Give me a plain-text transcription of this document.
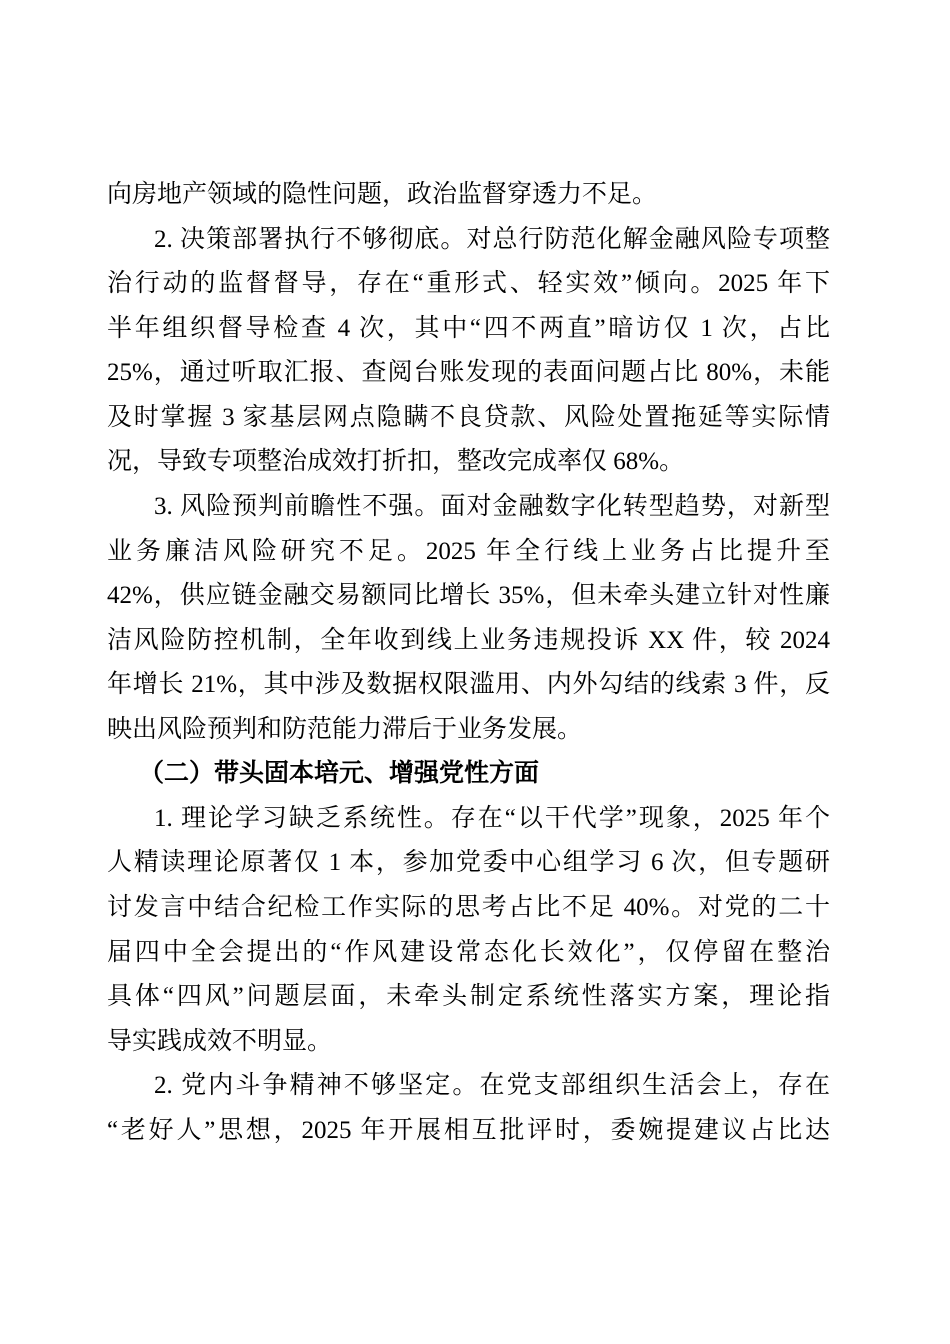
向房地产领域的隐性问题，政治监督穿透力不足。
2. 决策部署执行不够彻底。对总行防范化解金融风险专项整
治行动的监督督导，存在“重形式、轻实效”倾向。2025 年下
半年组织督导检查 4 次，其中“四不两直”暗访仅 1 次，占比
25%，通过听取汇报、查阅台账发现的表面问题占比 80%，未能
及时掌握 3 家基层网点隐瞒不良贷款、风险处置拖延等实际情
况，导致专项整治成效打折扣，整改完成率仅 68%。
3. 风险预判前瞻性不强。面对金融数字化转型趋势，对新型
业务廉洁风险研究不足。2025 年全行线上业务占比提升至
42%，供应链金融交易额同比增长 35%，但未牵头建立针对性廉
洁风险防控机制，全年收到线上业务违规投诉 XX 件，较 2024
年增长 21%，其中涉及数据权限滥用、内外勾结的线索 3 件，反
映出风险预判和防范能力滞后于业务发展。
（二）带头固本培元、增强党性方面
1. 理论学习缺乏系统性。存在“以干代学”现象，2025 年个
人精读理论原著仅 1 本，参加党委中心组学习 6 次，但专题研
讨发言中结合纪检工作实际的思考占比不足 40%。对党的二十
届四中全会提出的“作风建设常态化长效化”，仅停留在整治
具体“四风”问题层面，未牵头制定系统性落实方案，理论指
导实践成效不明显。
2. 党内斗争精神不够坚定。在党支部组织生活会上，存在
“老好人”思想，2025 年开展相互批评时，委婉提建议占比达
